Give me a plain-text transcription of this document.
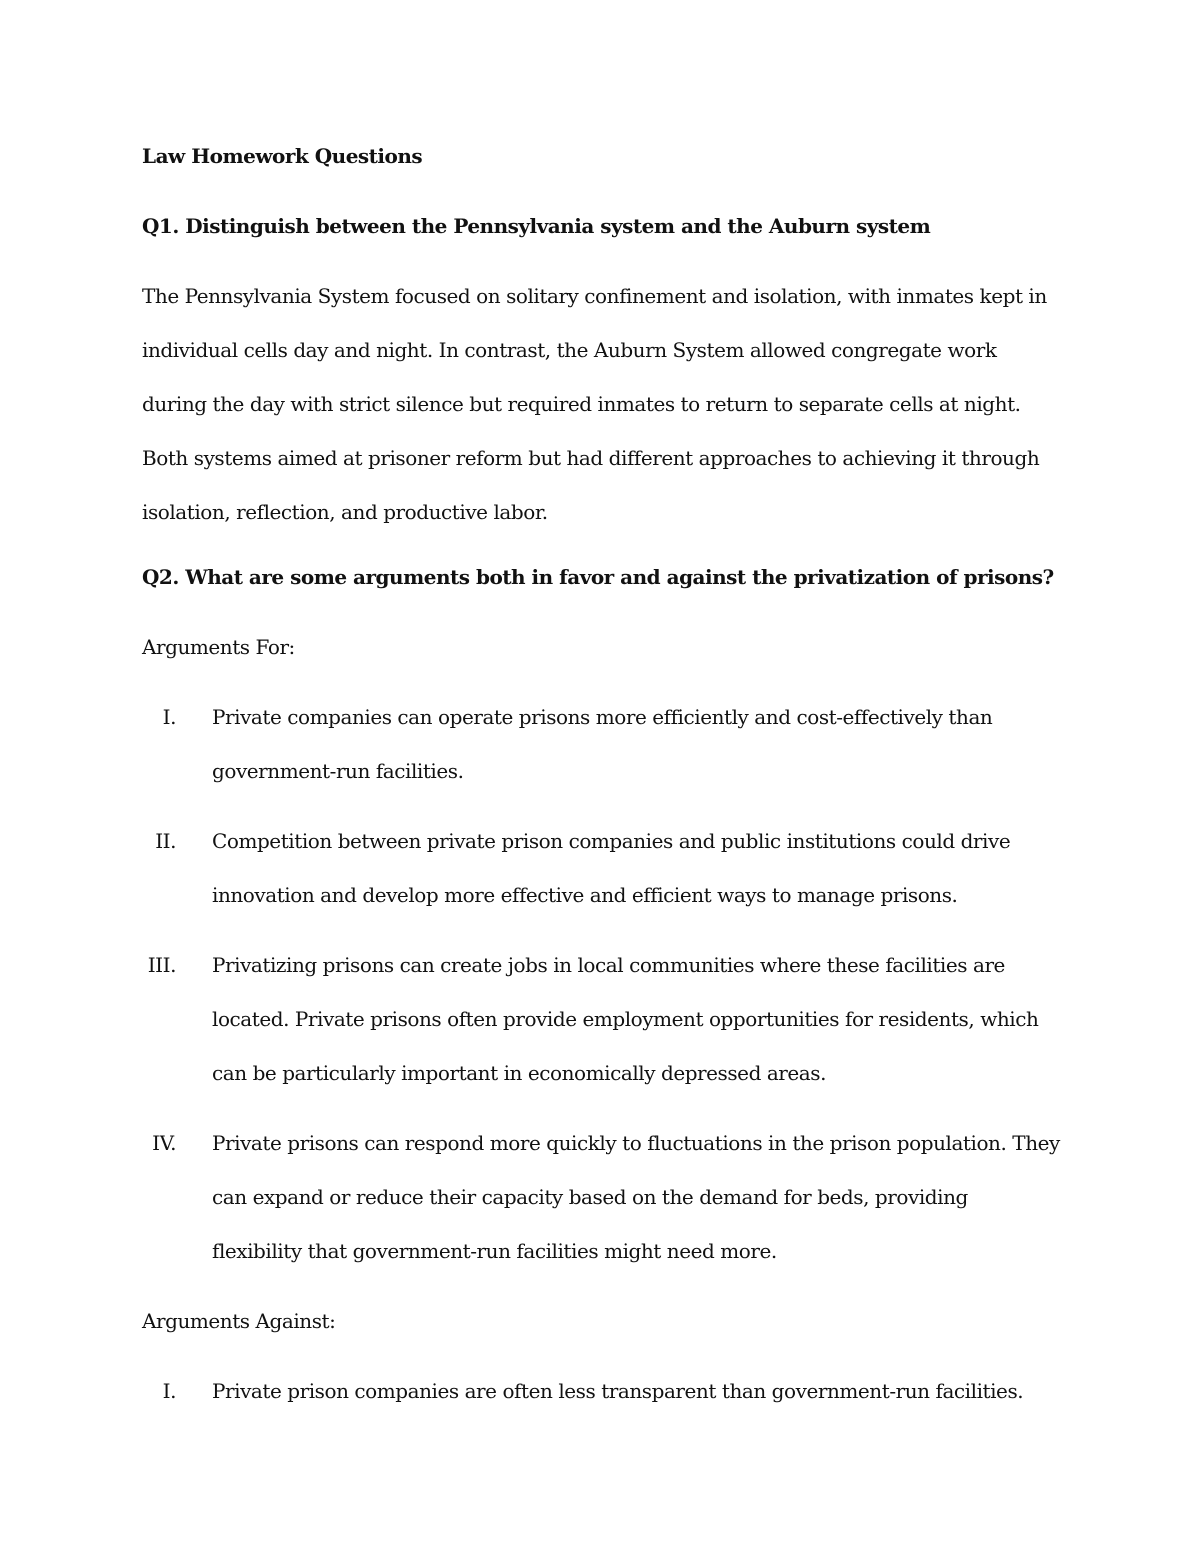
Law Homework Questions

Q1. Distinguish between the Pennsylvania system and the Auburn system

The Pennsylvania System focused on solitary confinement and isolation, with inmates kept in individual cells day and night. In contrast, the Auburn System allowed congregate work during the day with strict silence but required inmates to return to separate cells at night. Both systems aimed at prisoner reform but had different approaches to achieving it through isolation, reflection, and productive labor.

Q2. What are some arguments both in favor and against the privatization of prisons?

Arguments For:

I. Private companies can operate prisons more efficiently and cost-effectively than government-run facilities.
II. Competition between private prison companies and public institutions could drive innovation and develop more effective and efficient ways to manage prisons.
III. Privatizing prisons can create jobs in local communities where these facilities are located. Private prisons often provide employment opportunities for residents, which can be particularly important in economically depressed areas.
IV. Private prisons can respond more quickly to fluctuations in the prison population. They can expand or reduce their capacity based on the demand for beds, providing flexibility that government-run facilities might need more.

Arguments Against:

I. Private prison companies are often less transparent than government-run facilities.
